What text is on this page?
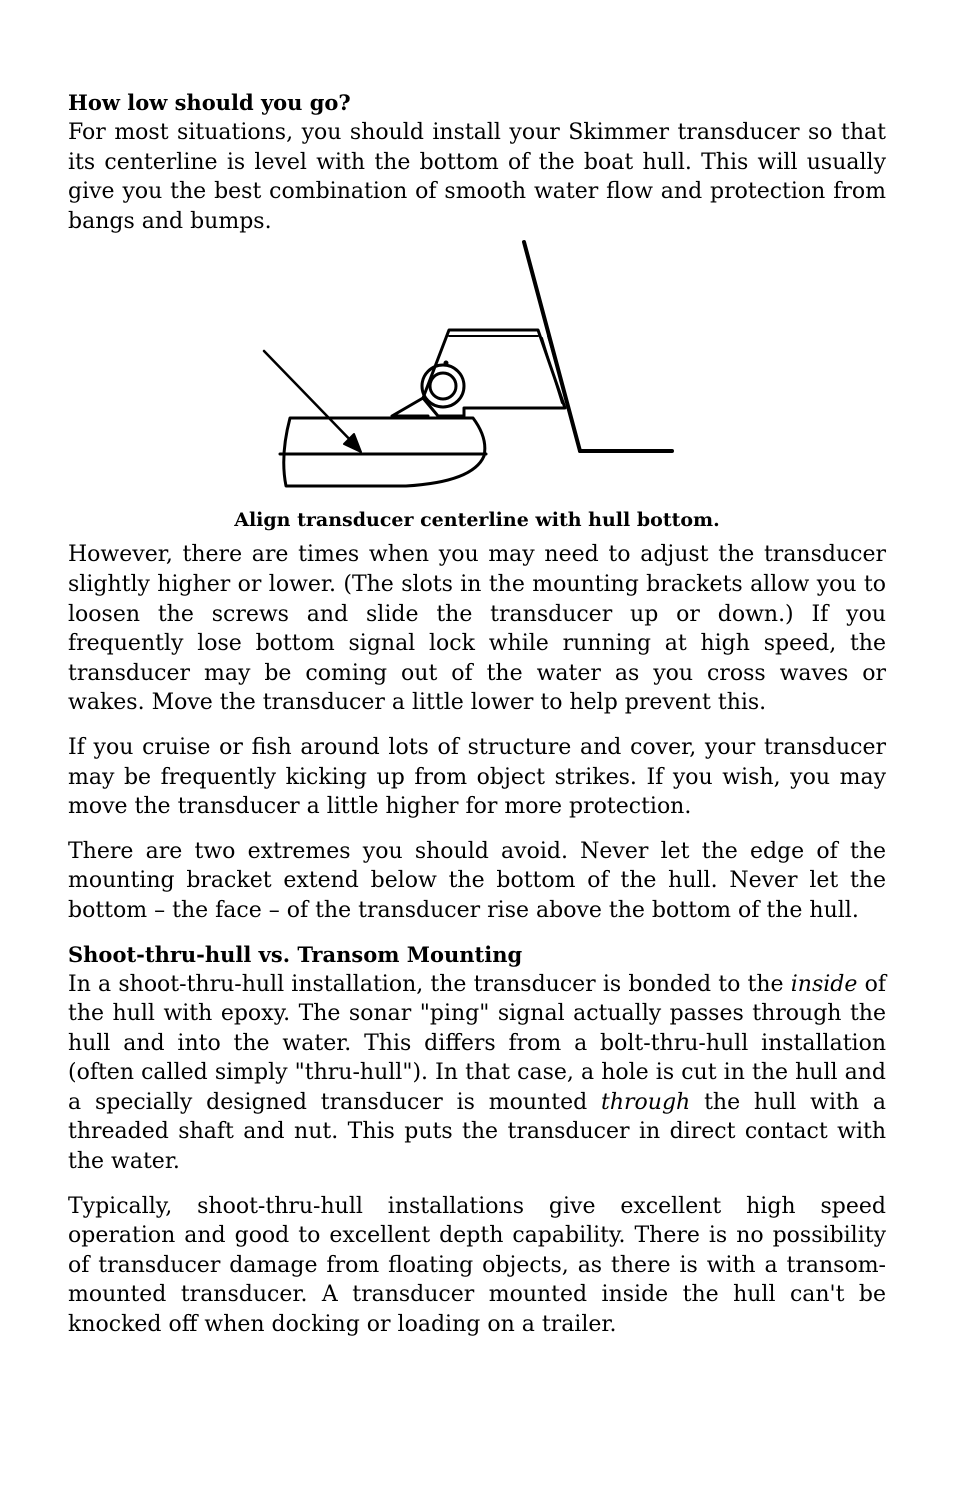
How low should you go?

For most situations, you should install your Skimmer transducer so that its centerline is level with the bottom of the boat hull. This will usually give you the best combination of smooth water flow and protection from bangs and bumps.

Align transducer centerline with hull bottom.

However, there are times when you may need to adjust the transducer slightly higher or lower. (The slots in the mounting brackets allow you to loosen the screws and slide the transducer up or down.) If you frequently lose bottom signal lock while running at high speed, the transducer may be coming out of the water as you cross waves or wakes. Move the transducer a little lower to help prevent this.

If you cruise or fish around lots of structure and cover, your transducer may be frequently kicking up from object strikes. If you wish, you may move the transducer a little higher for more protection.

There are two extremes you should avoid. Never let the edge of the mounting bracket extend below the bottom of the hull. Never let the bottom – the face – of the transducer rise above the bottom of the hull.

Shoot-thru-hull vs. Transom Mounting

In a shoot-thru-hull installation, the transducer is bonded to the inside of the hull with epoxy. The sonar "ping" signal actually passes through the hull and into the water. This differs from a bolt-thru-hull installation (often called simply "thru-hull"). In that case, a hole is cut in the hull and a specially designed transducer is mounted through the hull with a threaded shaft and nut. This puts the transducer in direct contact with the water.

Typically, shoot-thru-hull installations give excellent high speed operation and good to excellent depth capability. There is no possibility of transducer damage from floating objects, as there is with a transom-mounted transducer. A transducer mounted inside the hull can't be knocked off when docking or loading on a trailer.
